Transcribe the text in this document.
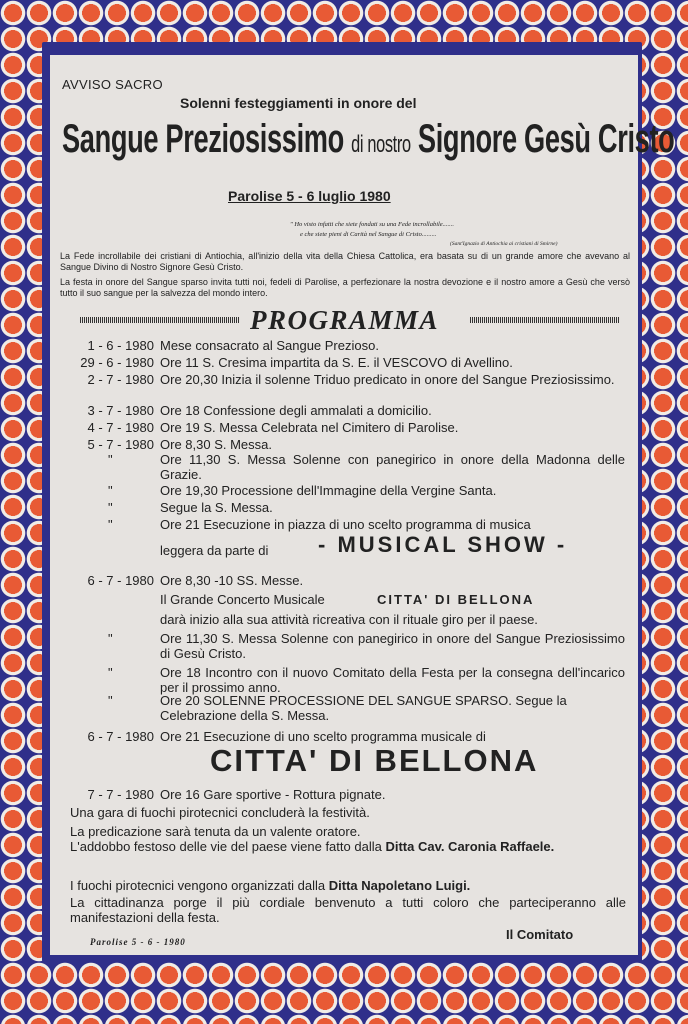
AVVISO SACRO
Solenni festeggiamenti in onore del
Sangue Preziosissimo di nostro Signore Gesù Cristo
Parolise 5 - 6 luglio 1980
" Ho visto infatti che siete fondati su una Fede incrollabile.......
e che siete pieni di Carità nel Sangue di Cristo.........
(Sant'Ignazio di Antiochia ai cristiani di Smirne)
La Fede incrollabile dei cristiani di Antiochia, all'inizio della vita della Chiesa Cattolica, era basata su di un grande amore che avevano al Sangue Divino di Nostro Signore Gesù Cristo.
La festa in onore del Sangue sparso invita tutti noi, fedeli di Parolise, a perfezionare la nostra devozione e il nostro amore a Gesù che versò tutto il suo sangue per la salvezza del mondo intero.
PROGRAMMA
1 - 6 - 1980 Mese consacrato al Sangue Prezioso.
29 - 6 - 1980 Ore 11 S. Cresima impartita da S. E. il VESCOVO di Avellino.
2 - 7 - 1980 Ore 20,30 Inizia il solenne Triduo predicato in onore del Sangue Preziosissimo.
3 - 7 - 1980 Ore 18 Confessione degli ammalati a domicilio.
4 - 7 - 1980 Ore 19 S. Messa Celebrata nel Cimitero di Parolise.
5 - 7 - 1980 Ore 8,30 S. Messa.
"	Ore 11,30 S. Messa Solenne con panegirico in onore della Madonna delle Grazie.
"	Ore 19,30 Processione dell'Immagine della Vergine Santa.
"	Segue la S. Messa.
"	Ore 21 Esecuzione in piazza di uno scelto programma di musica
leggera da parte di	- MUSICAL SHOW -
6 - 7 - 1980 Ore 8,30 -10 SS. Messe.
Il Grande Concerto Musicale	CITTA' DI BELLONA
darà inizio alla sua attività ricreativa con il rituale giro per il paese.
"	Ore 11,30 S. Messa Solenne con panegirico in onore del Sangue Preziosissimo di Gesù Cristo.
"	Ore 18 Incontro con il nuovo Comitato della Festa per la consegna dell'incarico per il prossimo anno.
"	Ore 20 SOLENNE PROCESSIONE DEL SANGUE SPARSO. Segue la Celebrazione della S. Messa.
6 - 7 - 1980 Ore 21 Esecuzione di uno scelto programma musicale di
CITTA' DI BELLONA
7 - 7 - 1980 Ore 16 Gare sportive - Rottura pignate.
Una gara di fuochi pirotecnici concluderà la festività.
La predicazione sarà tenuta da un valente oratore.
L'addobbo festoso delle vie del paese viene fatto dalla Ditta Cav. Caronia Raffaele.
I fuochi pirotecnici vengono organizzati dalla Ditta Napoletano Luigi.
La cittadinanza porge il più cordiale benvenuto a tutti coloro che parteciperanno alle manifestazioni della festa.
Parolise 5 - 6 - 1980	Il Comitato
